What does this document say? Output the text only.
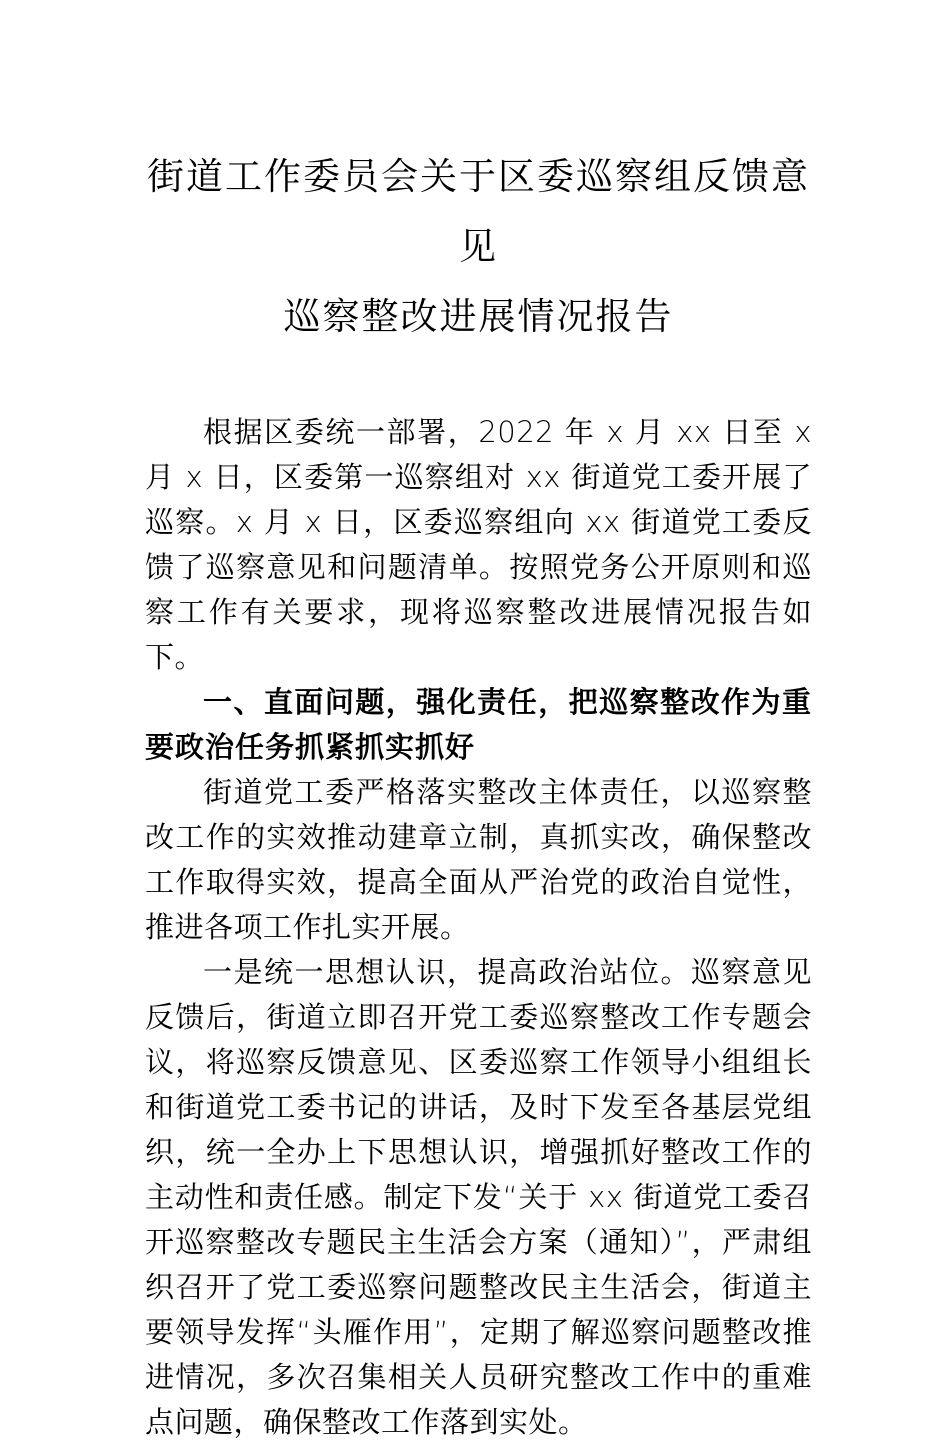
街道工作委员会关于区委巡察组反馈意见
巡察整改进展情况报告

根据区委统一部署，2022 年 x 月 xx 日至 x 月 x 日，区委第一巡察组对 xx 街道党工委开展了巡察。x 月 x 日，区委巡察组向 xx 街道党工委反馈了巡察意见和问题清单。按照党务公开原则和巡察工作有关要求，现将巡察整改进展情况报告如下。

一、直面问题，强化责任，把巡察整改作为重要政治任务抓紧抓实抓好

街道党工委严格落实整改主体责任，以巡察整改工作的实效推动建章立制，真抓实改，确保整改工作取得实效，提高全面从严治党的政治自觉性，推进各项工作扎实开展。

一是统一思想认识，提高政治站位。巡察意见反馈后，街道立即召开党工委巡察整改工作专题会议，将巡察反馈意见、区委巡察工作领导小组组长和街道党工委书记的讲话，及时下发至各基层党组织，统一全办上下思想认识，增强抓好整改工作的主动性和责任感。制定下发“关于 xx 街道党工委召开巡察整改专题民主生活会方案（通知）”，严肃组织召开了党工委巡察问题整改民主生活会，街道主要领导发挥“头雁作用”，定期了解巡察问题整改推进情况，多次召集相关人员研究整改工作中的重难点问题，确保整改工作落到实处。
